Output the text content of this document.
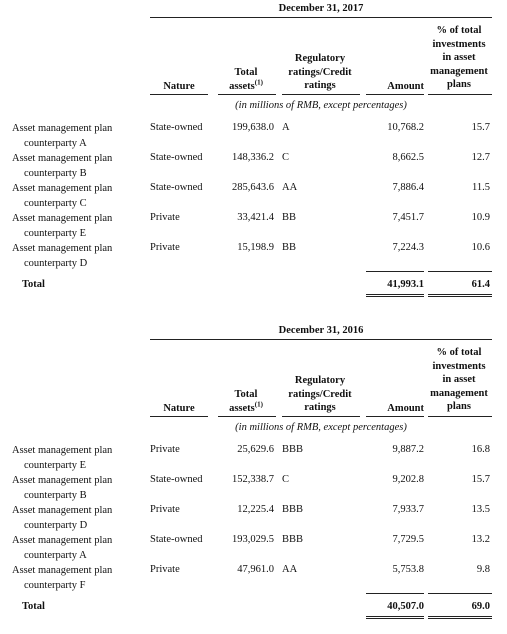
December 31, 2017
Nature
Total
assets$^{(1)}$
Regulatory
ratings/Credit
ratings	Amount
% of total
investments
in asset
management
plans
(in millions of RMB, except percentages)
Asset management plan
counterparty A
State-owned	199,638.0 A	10,768.2	15.7
Asset management plan
counterparty B
State-owned	148,336.2 C	8,662.5	12.7
Asset management plan
counterparty C
State-owned	285,643.6 AA	7,886.4	11.5
Asset management plan
counterparty E
Private	33,421.4 BB	7,451.7	10.9
Asset management plan
counterparty D
Private	15,198.9 BB	7,224.3	10.6
Total	41,993.1	61.4
December 31, 2016
Nature
Total
assets$^{(1)}$
Regulatory
ratings/Credit
ratings	Amount
% of total
investments
in asset
management
plans
(in millions of RMB, except percentages)
Asset management plan
counterparty E
Private	25,629.6 BBB	9,887.2	16.8
Asset management plan
counterparty B
State-owned	152,338.7 C	9,202.8	15.7
Asset management plan
counterparty D
Private	12,225.4 BBB	7,933.7	13.5
Asset management plan
counterparty A
State-owned	193,029.5 BBB	7,729.5	13.2
Asset management plan
counterparty F
Private	47,961.0 AA	5,753.8	9.8
Total	40,507.0	69.0
